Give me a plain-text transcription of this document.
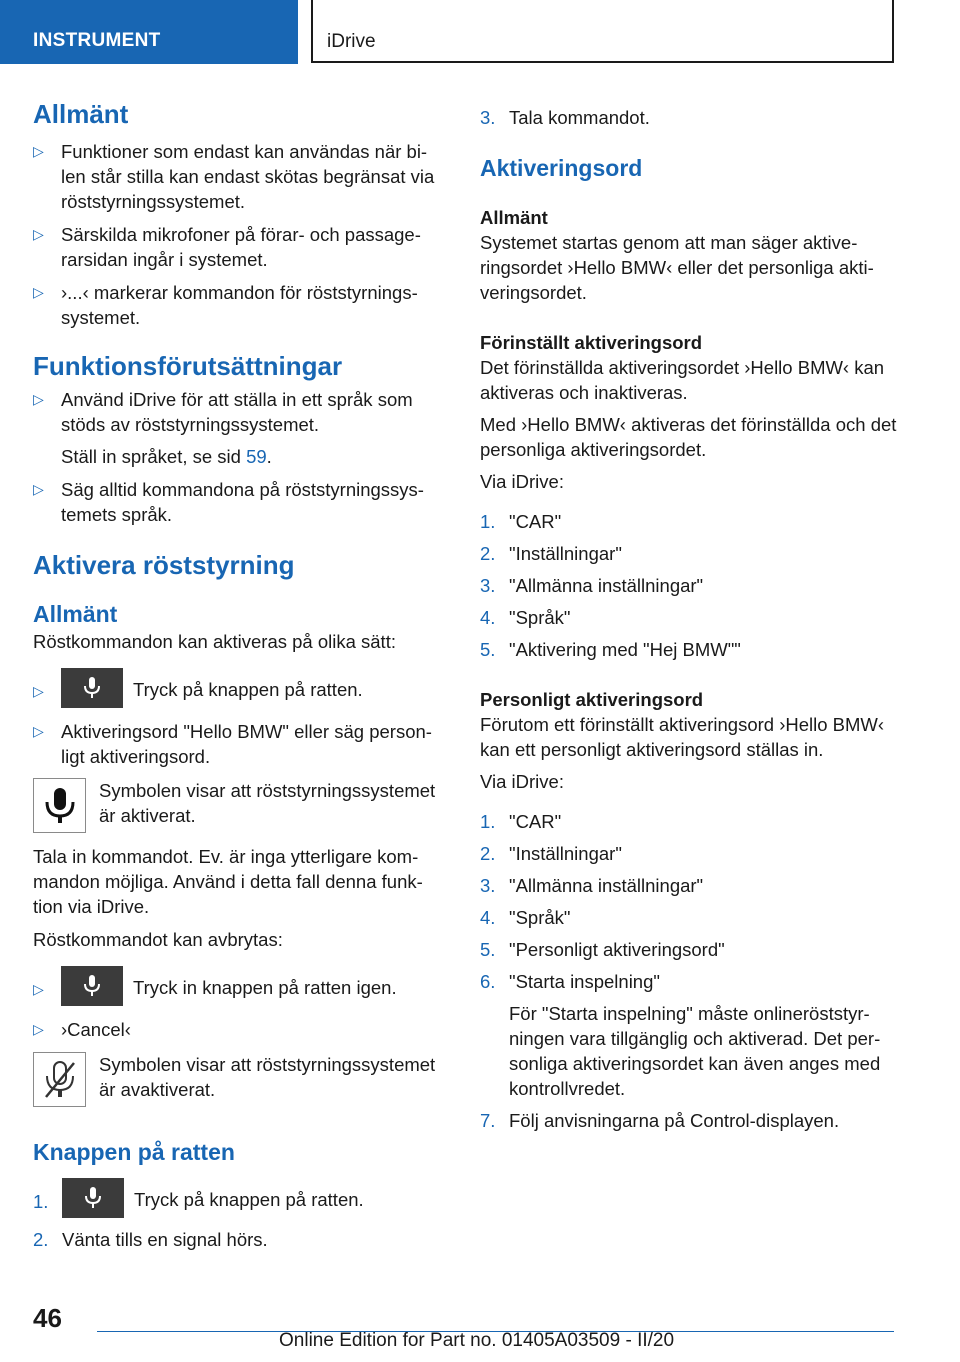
INSTRUMENT	iDrive
Allmänt
▷ Funktioner som endast kan användas när bi-len står stilla kan endast skötas begränsat via röststyrningssystemet.
▷ Särskilda mikrofoner på förar- och passage-rarsidan ingår i systemet.
▷ ›...‹ markerar kommandon för röststyrnings-systemet.
Funktionsförutsättningar
▷ Använd iDrive för att ställa in ett språk som stöds av röststyrningssystemet.

Ställ in språket, se sid 59.

▷ Säg alltid kommandona på röststyrningssys-temets språk.
Aktivera röststyrning
Allmänt

Röstkommandon kan aktiveras på olika sätt:

▷	Tryck på knappen på ratten.
▷ Aktiveringsord "Hello BMW" eller säg person-ligt aktiveringsord.

Symbolen visar att röststyrningssystemet är aktiverat.

Tala in kommandot. Ev. är inga ytterligare kom-mandon möjliga. Använd i detta fall denna funk-tion via iDrive.

Röstkommandot kan avbrytas:

▷	Tryck in knappen på ratten igen.
▷ ›Cancel‹

Symbolen visar att röststyrningssystemet är avaktiverat.

Knappen på ratten
1.	Tryck på knappen på ratten.
2. Vänta tills en signal hörs.
3. Tala kommandot.
Aktiveringsord
Allmänt

Systemet startas genom att man säger aktive-ringsordet ›Hello BMW‹ eller det personliga akti-veringsordet.

Förinställt aktiveringsord

Det förinställda aktiveringsordet ›Hello BMW‹ kan aktiveras och inaktiveras.

Med ›Hello BMW‹ aktiveras det förinställda och det personliga aktiveringsordet.

Via iDrive:

1. "CAR"
2. "Inställningar"
3. "Allmänna inställningar"
4. "Språk"
5. "Aktivering med "Hej BMW""
Personligt aktiveringsord

Förutom ett förinställt aktiveringsord ›Hello BMW‹ kan ett personligt aktiveringsord ställas in.

Via iDrive:

1. "CAR"
2. "Inställningar"
3. "Allmänna inställningar"
4. "Språk"
5. "Personligt aktiveringsord"
6. "Starta inspelning"

För "Starta inspelning" måste onlineröststyr-ningen vara tillgänglig och aktiverad. Det per-sonliga aktiveringsordet kan även anges med kontrollvredet.

7. Följ anvisningarna på Control-displayen.
46
Online Edition for Part no. 01405A03509 - II/20
